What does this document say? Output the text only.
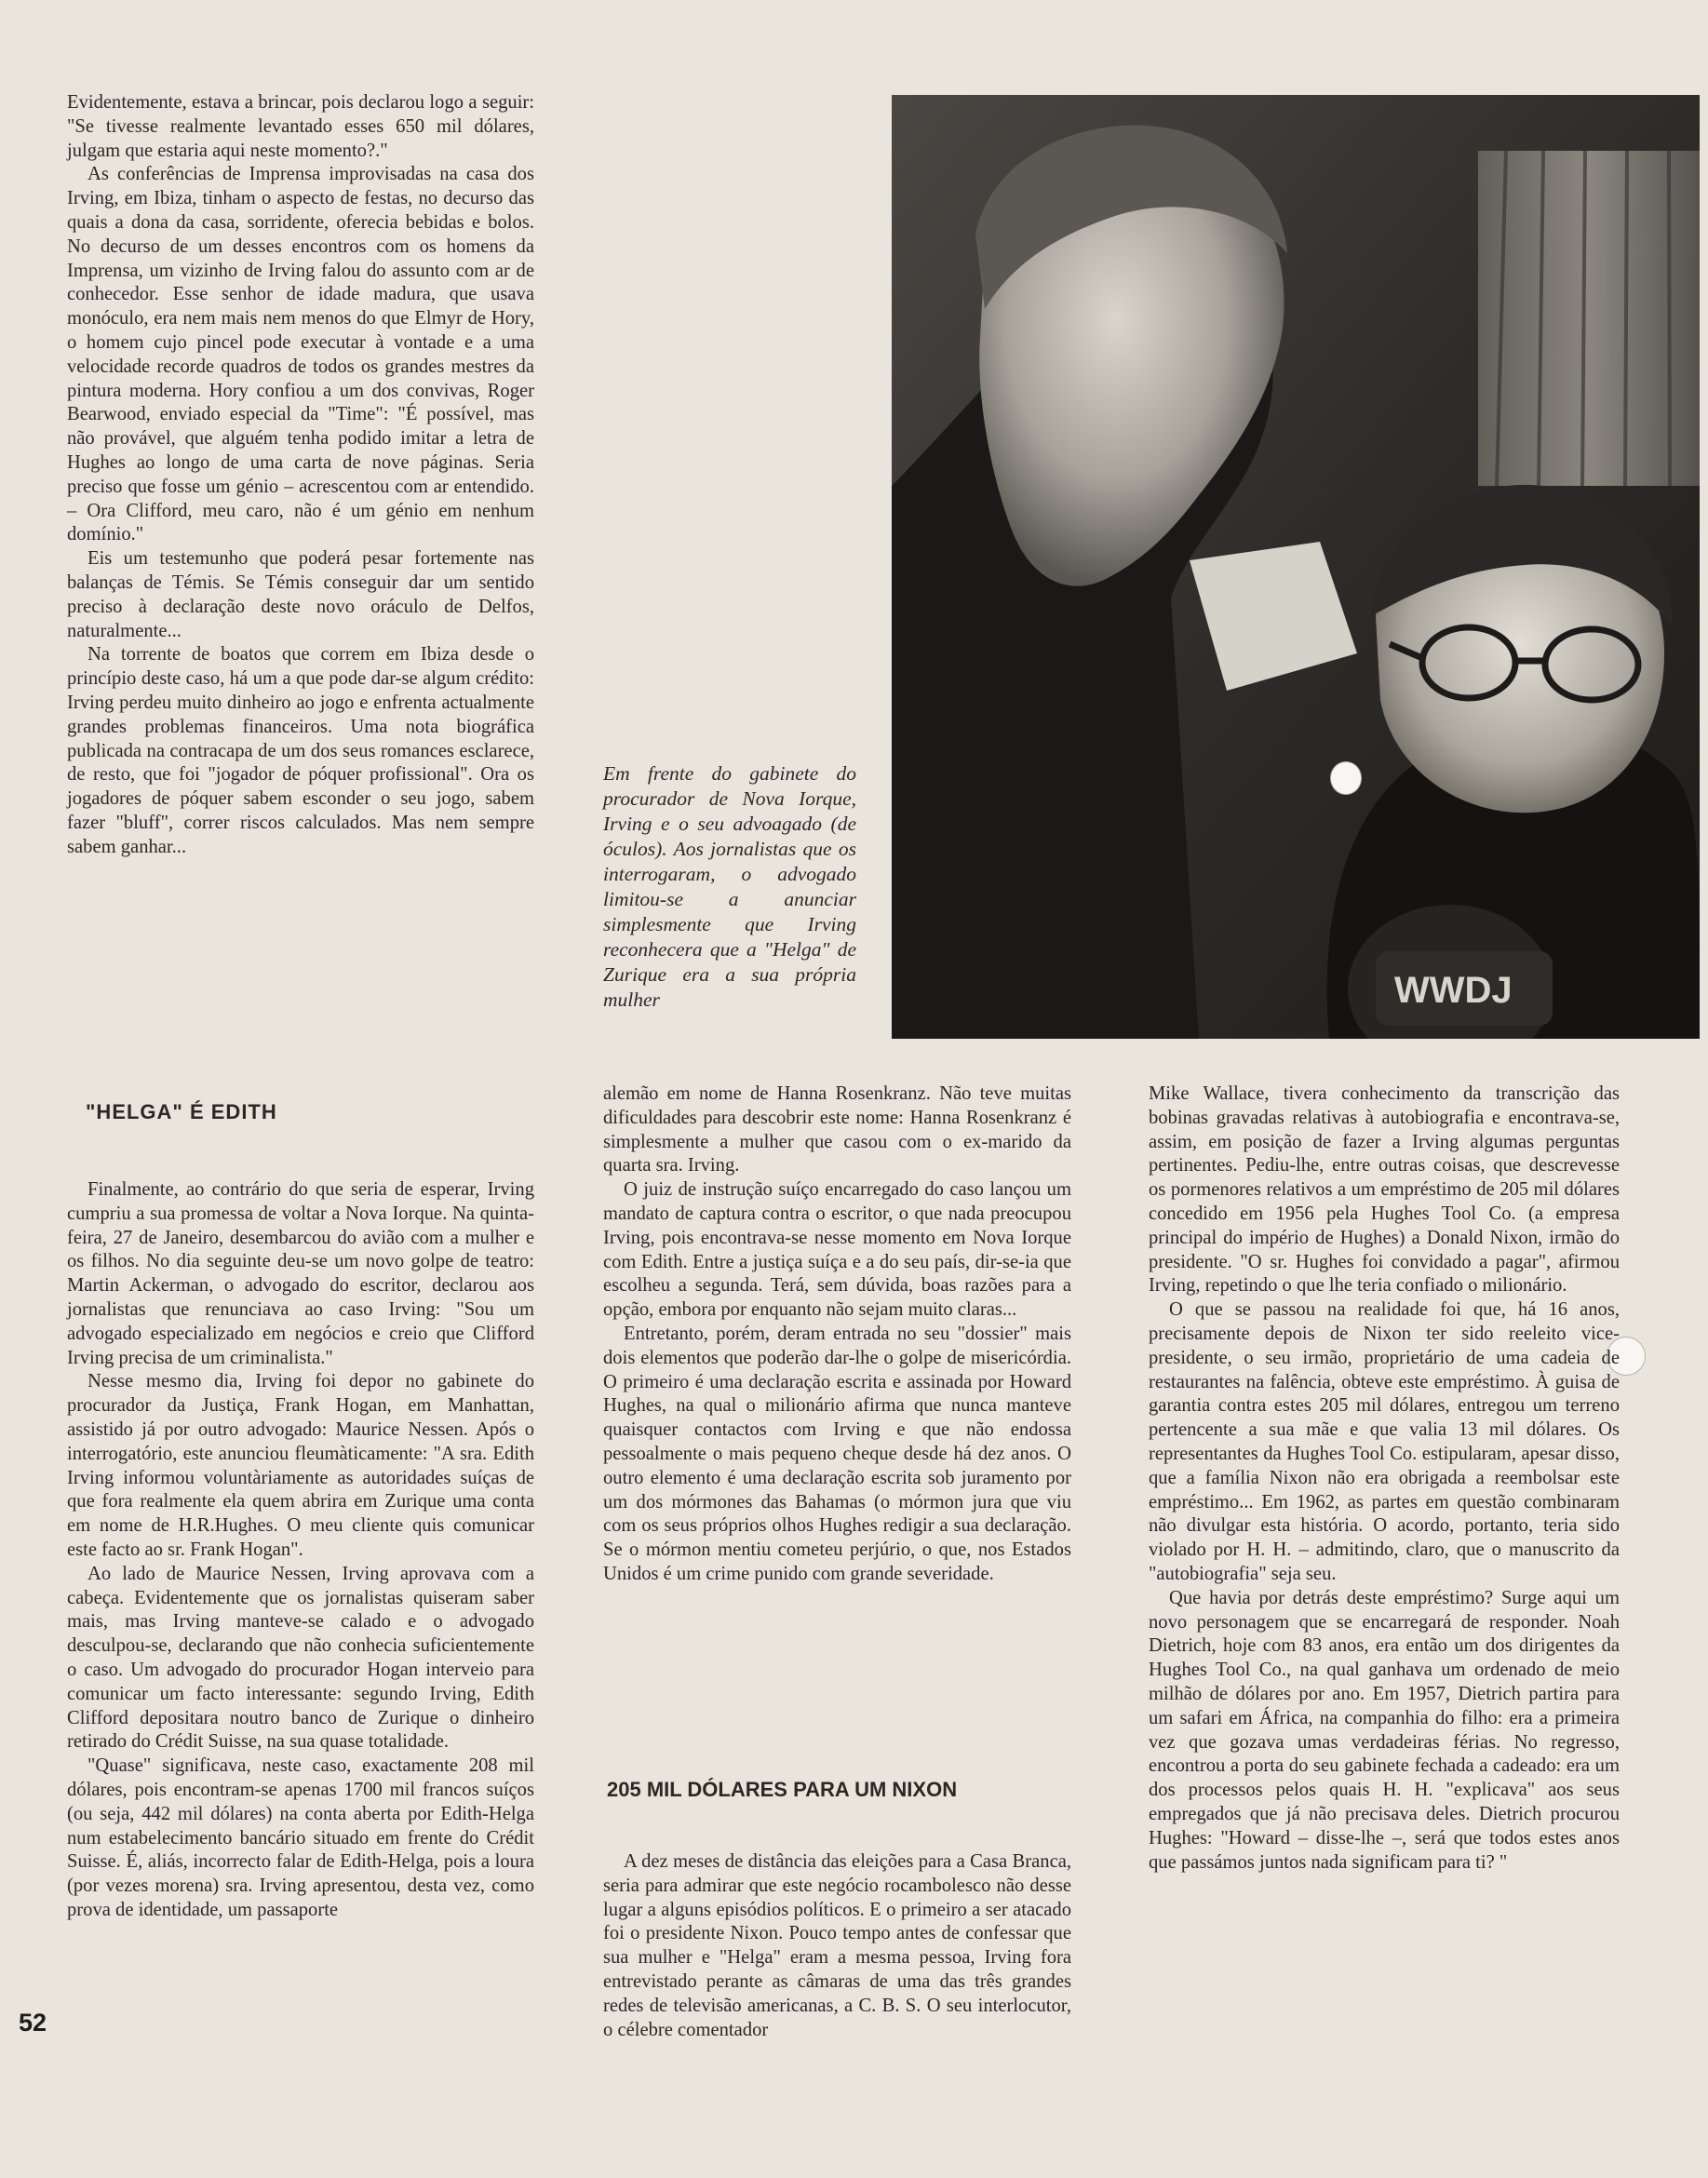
Evidentemente, estava a brincar, pois declarou logo a seguir: "Se tivesse realmente levantado esses 650 mil dólares, julgam que estaria aqui neste momento?."

As conferências de Imprensa improvisadas na casa dos Irving, em Ibiza, tinham o aspecto de festas, no decurso das quais a dona da casa, sorridente, oferecia bebidas e bolos. No decurso de um desses encontros com os homens da Imprensa, um vizinho de Irving falou do assunto com ar de conhecedor. Esse senhor de idade madura, que usava monóculo, era nem mais nem menos do que Elmyr de Hory, o homem cujo pincel pode executar à vontade e a uma velocidade recorde quadros de todos os grandes mestres da pintura moderna. Hory confiou a um dos convivas, Roger Bearwood, enviado especial da "Time": "É possível, mas não provável, que alguém tenha podido imitar a letra de Hughes ao longo de uma carta de nove páginas. Seria preciso que fosse um génio – acrescentou com ar entendido. – Ora Clifford, meu caro, não é um génio em nenhum domínio."

Eis um testemunho que poderá pesar fortemente nas balanças de Témis. Se Témis conseguir dar um sentido preciso à declaração deste novo oráculo de Delfos, naturalmente...

Na torrente de boatos que correm em Ibiza desde o princípio deste caso, há um a que pode dar-se algum crédito: Irving perdeu muito dinheiro ao jogo e enfrenta actualmente grandes problemas financeiros. Uma nota biográfica publicada na contracapa de um dos seus romances esclarece, de resto, que foi "jogador de póquer profissional". Ora os jogadores de póquer sabem esconder o seu jogo, sabem fazer "bluff", correr riscos calculados. Mas nem sempre sabem ganhar...

Em frente do gabinete do procurador de Nova Iorque, Irving e o seu advoagado (de óculos). Aos jornalistas que os interrogaram, o advogado limitou-se a anunciar simplesmente que Irving reconhecera que a "Helga" de Zurique era a sua própria mulher	WWDJ
"HELGA" É EDITH

Finalmente, ao contrário do que seria de esperar, Irving cumpriu a sua promessa de voltar a Nova Iorque. Na quinta-feira, 27 de Janeiro, desembarcou do avião com a mulher e os filhos. No dia seguinte deu-se um novo golpe de teatro: Martin Ackerman, o advogado do escritor, declarou aos jornalistas que renunciava ao caso Irving: "Sou um advogado especializado em negócios e creio que Clifford Irving precisa de um criminalista."

Nesse mesmo dia, Irving foi depor no gabinete do procurador da Justiça, Frank Hogan, em Manhattan, assistido já por outro advogado: Maurice Nessen. Após o interrogatório, este anunciou fleumàticamente: "A sra. Edith Irving informou voluntàriamente as autoridades suíças de que fora realmente ela quem abrira em Zurique uma conta em nome de H.R.Hughes. O meu cliente quis comunicar este facto ao sr. Frank Hogan".

Ao lado de Maurice Nessen, Irving aprovava com a cabeça. Evidentemente que os jornalistas quiseram saber mais, mas Irving manteve-se calado e o advogado desculpou-se, declarando que não conhecia suficientemente o caso. Um advogado do procurador Hogan interveio para comunicar um facto interessante: segundo Irving, Edith Clifford depositara noutro banco de Zurique o dinheiro retirado do Crédit Suisse, na sua quase totalidade.

"Quase" significava, neste caso, exactamente 208 mil dólares, pois encontram-se apenas 1700 mil francos suíços (ou seja, 442 mil dólares) na conta aberta por Edith-Helga num estabelecimento bancário situado em frente do Crédit Suisse. É, aliás, incorrecto falar de Edith-Helga, pois a loura (por vezes morena) sra. Irving apresentou, desta vez, como prova de identidade, um passaporte

alemão em nome de Hanna Rosenkranz. Não teve muitas dificuldades para descobrir este nome: Hanna Rosenkranz é simplesmente a mulher que casou com o ex-marido da quarta sra. Irving.

O juiz de instrução suíço encarregado do caso lançou um mandato de captura contra o escritor, o que nada preocupou Irving, pois encontrava-se nesse momento em Nova Iorque com Edith. Entre a justiça suíça e a do seu país, dir-se-ia que escolheu a segunda. Terá, sem dúvida, boas razões para a opção, embora por enquanto não sejam muito claras...

Entretanto, porém, deram entrada no seu "dossier" mais dois elementos que poderão dar-lhe o golpe de misericórdia. O primeiro é uma declaração escrita e assinada por Howard Hughes, na qual o milionário afirma que nunca manteve quaisquer contactos com Irving e que não endossa pessoalmente o mais pequeno cheque desde há dez anos. O outro elemento é uma declaração escrita sob juramento por um dos mórmones das Bahamas (o mórmon jura que viu com os seus próprios olhos Hughes redigir a sua declaração. Se o mórmon mentiu cometeu perjúrio, o que, nos Estados Unidos é um crime punido com grande severidade.

205 MIL DÓLARES PARA UM NIXON

A dez meses de distância das eleições para a Casa Branca, seria para admirar que este negócio rocambolesco não desse lugar a alguns episódios políticos. E o primeiro a ser atacado foi o presidente Nixon. Pouco tempo antes de confessar que sua mulher e "Helga" eram a mesma pessoa, Irving fora entrevistado perante as câmaras de uma das três grandes redes de televisão americanas, a C. B. S. O seu interlocutor, o célebre comentador

Mike Wallace, tivera conhecimento da transcrição das bobinas gravadas relativas à autobiografia e encontrava-se, assim, em posição de fazer a Irving algumas perguntas pertinentes. Pediu-lhe, entre outras coisas, que descrevesse os pormenores relativos a um empréstimo de 205 mil dólares concedido em 1956 pela Hughes Tool Co. (a empresa principal do império de Hughes) a Donald Nixon, irmão do presidente. "O sr. Hughes foi convidado a pagar", afirmou Irving, repetindo o que lhe teria confiado o milionário.

O que se passou na realidade foi que, há 16 anos, precisamente depois de Nixon ter sido reeleito vice-presidente, o seu irmão, proprietário de uma cadeia de restaurantes na falência, obteve este empréstimo. À guisa de garantia contra estes 205 mil dólares, entregou um terreno pertencente a sua mãe e que valia 13 mil dólares. Os representantes da Hughes Tool Co. estipularam, apesar disso, que a família Nixon não era obrigada a reembolsar este empréstimo... Em 1962, as partes em questão combinaram não divulgar esta história. O acordo, portanto, teria sido violado por H. H. – admitindo, claro, que o manuscrito da "autobiografia" seja seu.

Que havia por detrás deste empréstimo? Surge aqui um novo personagem que se encarregará de responder. Noah Dietrich, hoje com 83 anos, era então um dos dirigentes da Hughes Tool Co., na qual ganhava um ordenado de meio milhão de dólares por ano. Em 1957, Dietrich partira para um safari em África, na companhia do filho: era a primeira vez que gozava umas verdadeiras férias. No regresso, encontrou a porta do seu gabinete fechada a cadeado: era um dos processos pelos quais H. H. "explicava" aos seus empregados que já não precisava deles. Dietrich procurou Hughes: "Howard – disse-lhe –, será que todos estes anos que passámos juntos nada significam para ti? "

52
